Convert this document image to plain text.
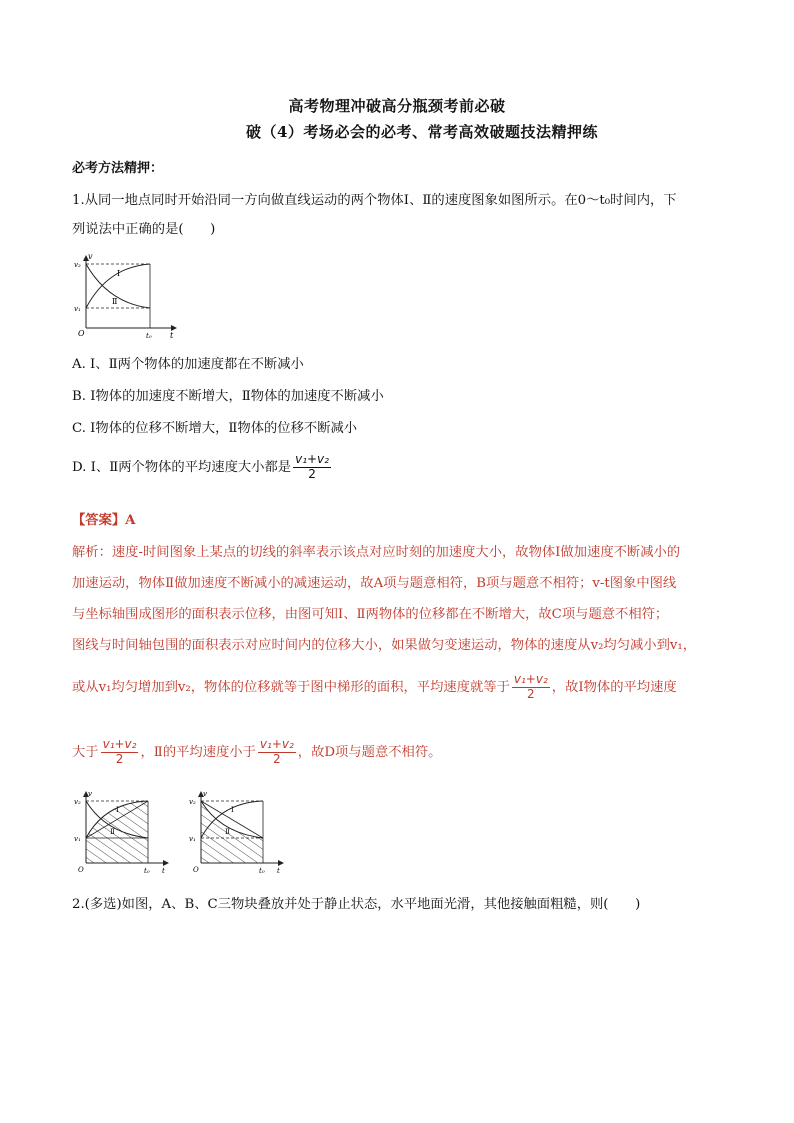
高考物理冲破高分瓶颈考前必破
破（4）考场必会的必考、常考高效破题技法精押练
必考方法精押：
1.从同一地点同时开始沿同一方向做直线运动的两个物体Ⅰ、Ⅱ的速度图象如图所示。在0～t₀时间内，下
列说法中正确的是(　　)
v
v₂
v₁
O	t₀ t
Ⅰ
Ⅱ
A. Ⅰ、Ⅱ两个物体的加速度都在不断减小
B. Ⅰ物体的加速度不断增大，Ⅱ物体的加速度不断减小
C. Ⅰ物体的位移不断增大，Ⅱ物体的位移不断减小
D. Ⅰ、Ⅱ两个物体的平均速度大小都是 $\frac{\text{v₁+v₂}}{2}$
【答案】A
解析：速度-时间图象上某点的切线的斜率表示该点对应时刻的加速度大小，故物体Ⅰ做加速度不断减小的
加速运动，物体Ⅱ做加速度不断减小的减速运动，故A项与题意相符，B项与题意不相符；v-t图象中图线
与坐标轴围成图形的面积表示位移，由图可知Ⅰ、Ⅱ两物体的位移都在不断增大，故C项与题意不相符；
图线与时间轴包围的面积表示对应时间内的位移大小，如果做匀变速运动，物体的速度从v₂均匀减小到v₁，
或从v₁均匀增加到v₂，物体的位移就等于图中梯形的面积，平均速度就等于 $\frac{\text{v₁+v₂}}{2}$ ，故Ⅰ物体的平均速度
大于 $\frac{\text{v₁+v₂}}{2}$ ，Ⅱ的平均速度小于 $\frac{\text{v₁+v₂}}{2}$ ，故D项与题意不相符。
v
v₂
v₁
O	t₀ t
Ⅰ
Ⅱ
v
v₂
v₁
O	t₀ t
Ⅰ
Ⅱ
2.(多选)如图，A、B、C三物块叠放并处于静止状态，水平地面光滑，其他接触面粗糙，则(　　)
